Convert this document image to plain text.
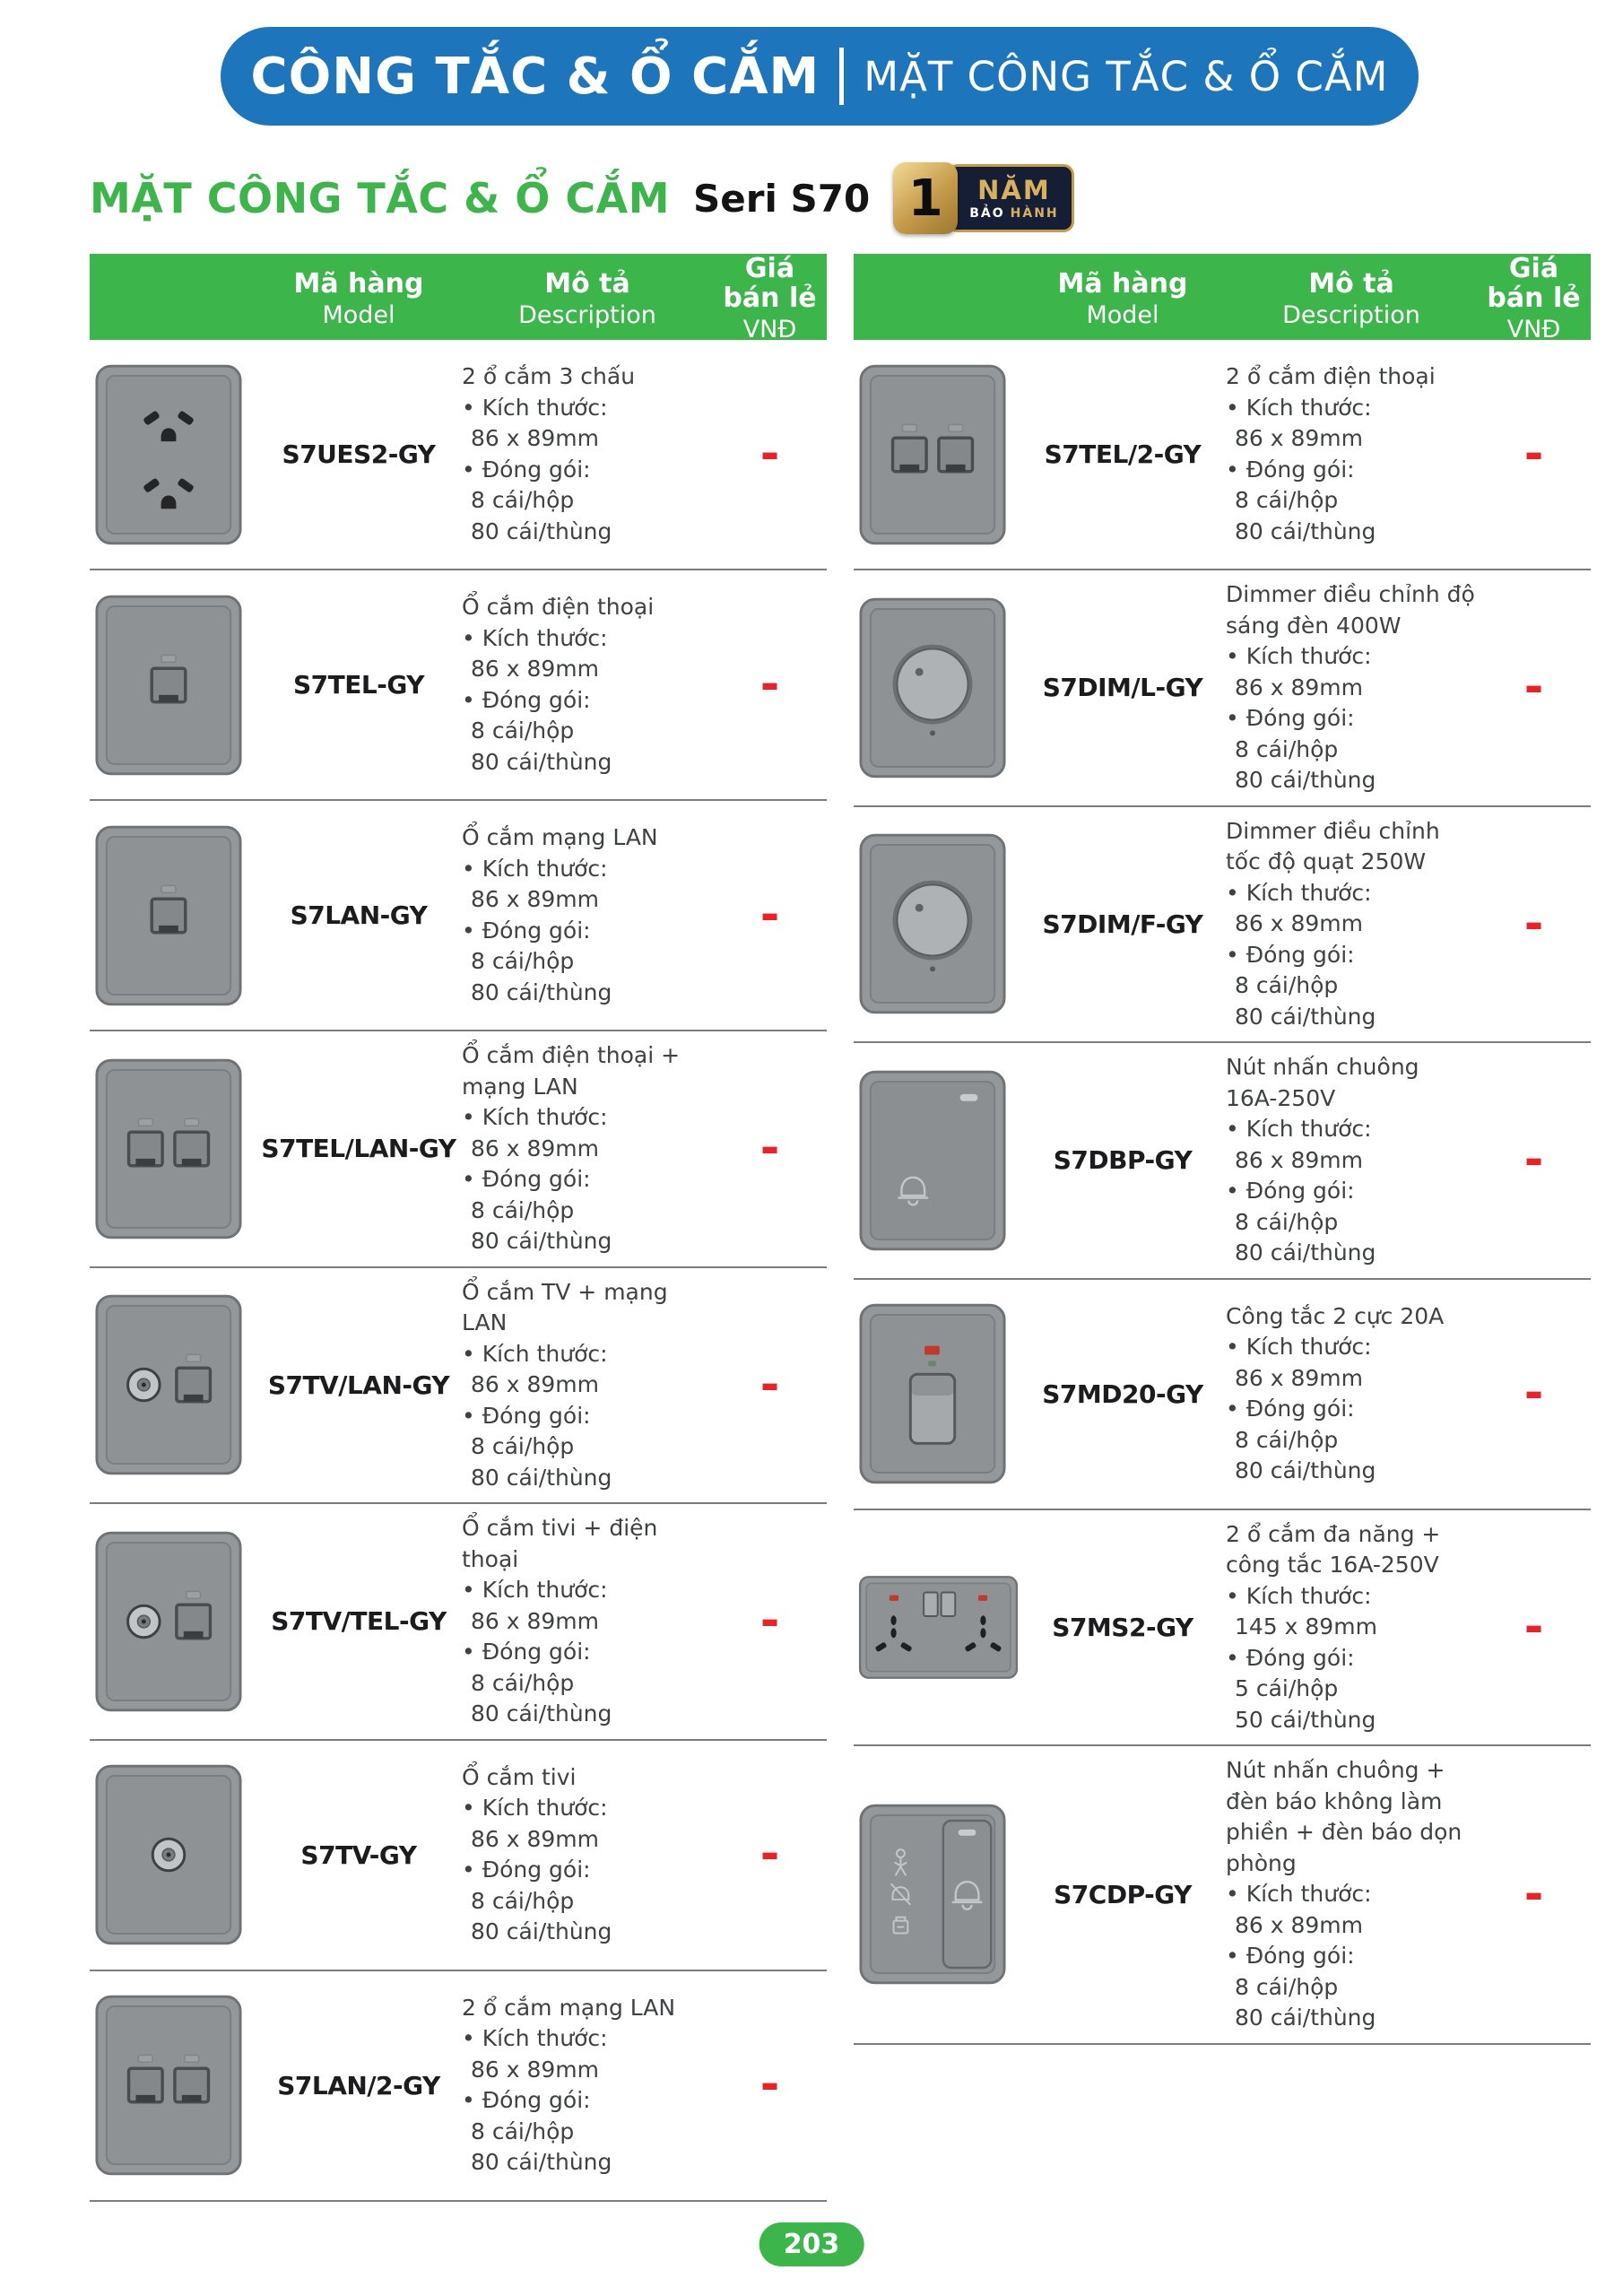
CÔNG TẮC & Ổ CẮM MẶT CÔNG TẮC & Ổ CẮM
MẶT CÔNG TẮC & Ổ CẮM Seri S70 1	NĂM
BẢO HÀNH
Mã hàng
Model
Mô tả
Description
Giá bán lẻ
VNĐ
S7UES2-GY
2 ổ cắm 3 chấu
• Kích thước:
86 x 89mm
• Đóng gói:
8 cái/hộp
80 cái/thùng
-
S7TEL-GY
Ổ cắm điện thoại
• Kích thước:
86 x 89mm
• Đóng gói:
8 cái/hộp
80 cái/thùng
-
S7LAN-GY
Ổ cắm mạng LAN
• Kích thước:
86 x 89mm
• Đóng gói:
8 cái/hộp
80 cái/thùng
-
S7TEL/LAN-GY
Ổ cắm điện thoại + mạng LAN
• Kích thước:
86 x 89mm
• Đóng gói:
8 cái/hộp
80 cái/thùng
-
S7TV/LAN-GY
Ổ cắm TV + mạng LAN
• Kích thước:
86 x 89mm
• Đóng gói:
8 cái/hộp
80 cái/thùng
-
S7TV/TEL-GY
Ổ cắm tivi + điện thoại
• Kích thước:
86 x 89mm
• Đóng gói:
8 cái/hộp
80 cái/thùng
-
S7TV-GY
Ổ cắm tivi
• Kích thước:
86 x 89mm
• Đóng gói:
8 cái/hộp
80 cái/thùng
-
S7LAN/2-GY
2 ổ cắm mạng LAN
• Kích thước:
86 x 89mm
• Đóng gói:
8 cái/hộp
80 cái/thùng
-
Mã hàng
Model
Mô tả
Description
Giá bán lẻ
VNĐ
S7TEL/2-GY
2 ổ cắm điện thoại
• Kích thước:
86 x 89mm
• Đóng gói:
8 cái/hộp
80 cái/thùng
-
S7DIM/L-GY
Dimmer điều chỉnh độ sáng đèn 400W
• Kích thước:
86 x 89mm
• Đóng gói:
8 cái/hộp
80 cái/thùng
-
S7DIM/F-GY
Dimmer điều chỉnh tốc độ quạt 250W
• Kích thước:
86 x 89mm
• Đóng gói:
8 cái/hộp
80 cái/thùng
-
S7DBP-GY
Nút nhấn chuông 16A-250V
• Kích thước:
86 x 89mm
• Đóng gói:
8 cái/hộp
80 cái/thùng
-
S7MD20-GY
Công tắc 2 cực 20A
• Kích thước:
86 x 89mm
• Đóng gói:
8 cái/hộp
80 cái/thùng
-
S7MS2-GY
2 ổ cắm đa năng + công tắc 16A-250V
• Kích thước:
145 x 89mm
• Đóng gói:
5 cái/hộp
50 cái/thùng
-
S7CDP-GY
Nút nhấn chuông + đèn báo không làm phiền + đèn báo dọn phòng
• Kích thước:
86 x 89mm
• Đóng gói:
8 cái/hộp
80 cái/thùng
-
203
